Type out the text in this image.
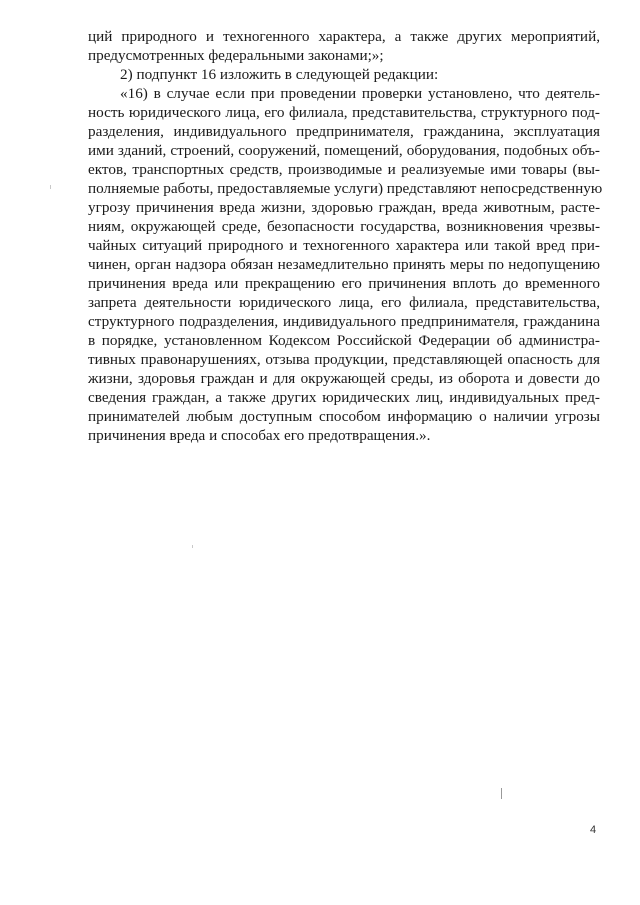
ций природного и техногенного характера, а также других мероприятий,
предусмотренных федеральными законами;»;
2) подпункт 16 изложить в следующей редакции:
«16) в случае если при проведении проверки установлено, что деятель-
ность юридического лица, его филиала, представительства, структурного под-
разделения, индивидуального предпринимателя, гражданина, эксплуатация
ими зданий, строений, сооружений, помещений, оборудования, подобных объ-
ектов, транспортных средств, производимые и реализуемые ими товары (вы-
полняемые работы, предоставляемые услуги) представляют непосредственную
угрозу причинения вреда жизни, здоровью граждан, вреда животным, расте-
ниям, окружающей среде, безопасности государства, возникновения чрезвы-
чайных ситуаций природного и техногенного характера или такой вред при-
чинен, орган надзора обязан незамедлительно принять меры по недопущению
причинения вреда или прекращению его причинения вплоть до временного
запрета деятельности юридического лица, его филиала, представительства,
структурного подразделения, индивидуального предпринимателя, гражданина
в порядке, установленном Кодексом Российской Федерации об администра-
тивных правонарушениях, отзыва продукции, представляющей опасность для
жизни, здоровья граждан и для окружающей среды, из оборота и довести до
сведения граждан, а также других юридических лиц, индивидуальных пред-
принимателей любым доступным способом информацию о наличии угрозы
причинения вреда и способах его предотвращения.».
4
